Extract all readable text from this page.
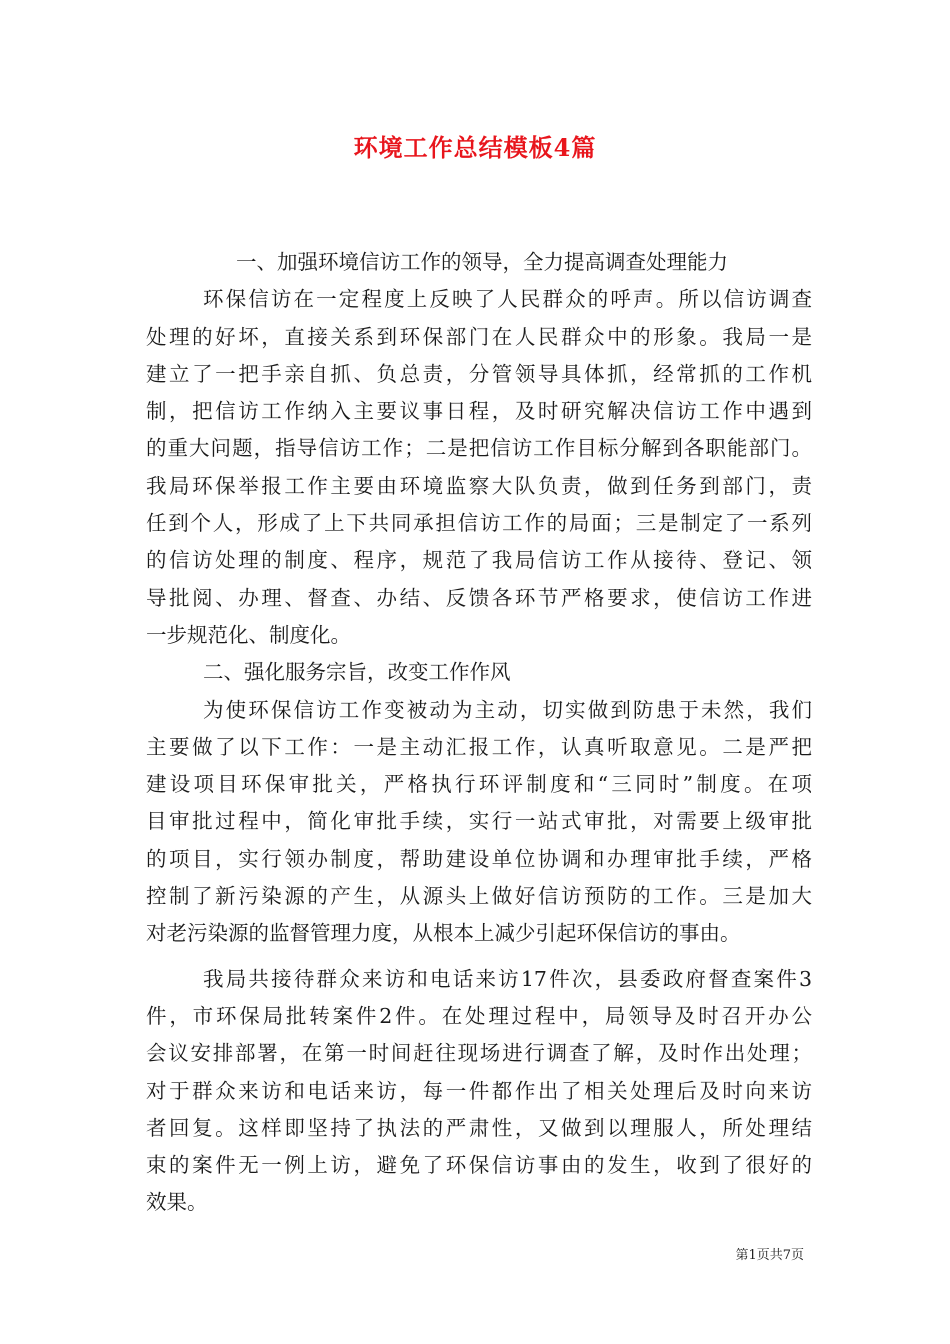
环境工作总结模板4篇
一、加强环境信访工作的领导，全力提高调查处理能力
环保信访在一定程度上反映了人民群众的呼声。所以信访调查
处理的好坏，直接关系到环保部门在人民群众中的形象。我局一是
建立了一把手亲自抓、负总责，分管领导具体抓，经常抓的工作机
制，把信访工作纳入主要议事日程，及时研究解决信访工作中遇到
的重大问题，指导信访工作；二是把信访工作目标分解到各职能部门。
我局环保举报工作主要由环境监察大队负责，做到任务到部门，责
任到个人，形成了上下共同承担信访工作的局面；三是制定了一系列
的信访处理的制度、程序，规范了我局信访工作从接待、登记、领
导批阅、办理、督查、办结、反馈各环节严格要求，使信访工作进
一步规范化、制度化。
二、强化服务宗旨，改变工作作风
为使环保信访工作变被动为主动，切实做到防患于未然，我们
主要做了以下工作：一是主动汇报工作，认真听取意见。二是严把
建设项目环保审批关，严格执行环评制度和“三同时”制度。在项
目审批过程中，简化审批手续，实行一站式审批，对需要上级审批
的项目，实行领办制度，帮助建设单位协调和办理审批手续，严格
控制了新污染源的产生，从源头上做好信访预防的工作。三是加大
对老污染源的监督管理力度，从根本上减少引起环保信访的事由。
我局共接待群众来访和电话来访17件次，县委政府督查案件3
件，市环保局批转案件2件。在处理过程中，局领导及时召开办公
会议安排部署，在第一时间赶往现场进行调查了解，及时作出处理；
对于群众来访和电话来访，每一件都作出了相关处理后及时向来访
者回复。这样即坚持了执法的严肃性，又做到以理服人，所处理结
束的案件无一例上访，避免了环保信访事由的发生，收到了很好的
效果。
第1页共7页
